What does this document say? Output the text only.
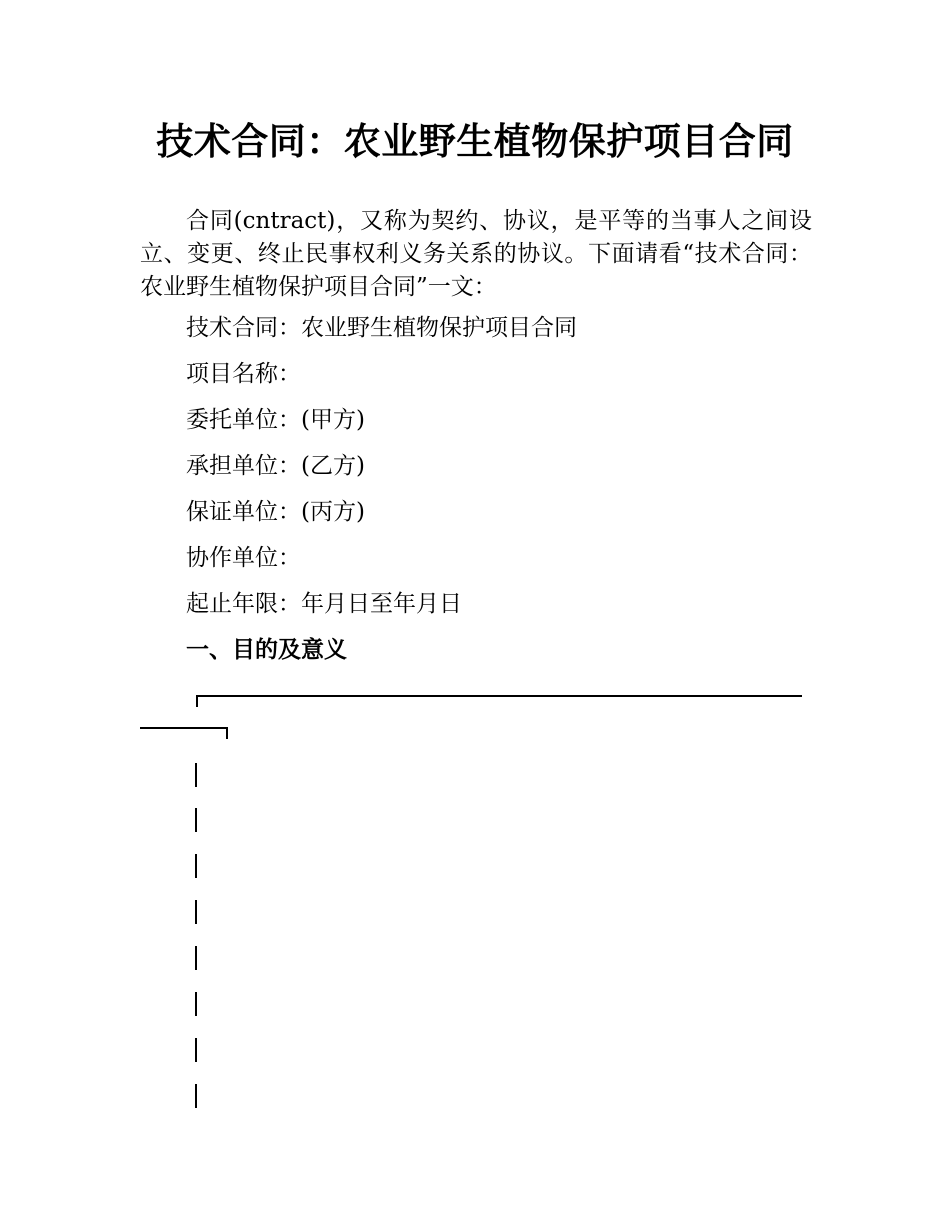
技术合同：农业野生植物保护项目合同

合同(cntract)，又称为契约、协议，是平等的当事人之间设立、变更、终止民事权利义务关系的协议。下面请看“技术合同：农业野生植物保护项目合同”一文：

技术合同：农业野生植物保护项目合同

项目名称：

委托单位：(甲方)

承担单位：(乙方)

保证单位：(丙方)

协作单位：

起止年限：年月日至年月日

一、目的及意义
